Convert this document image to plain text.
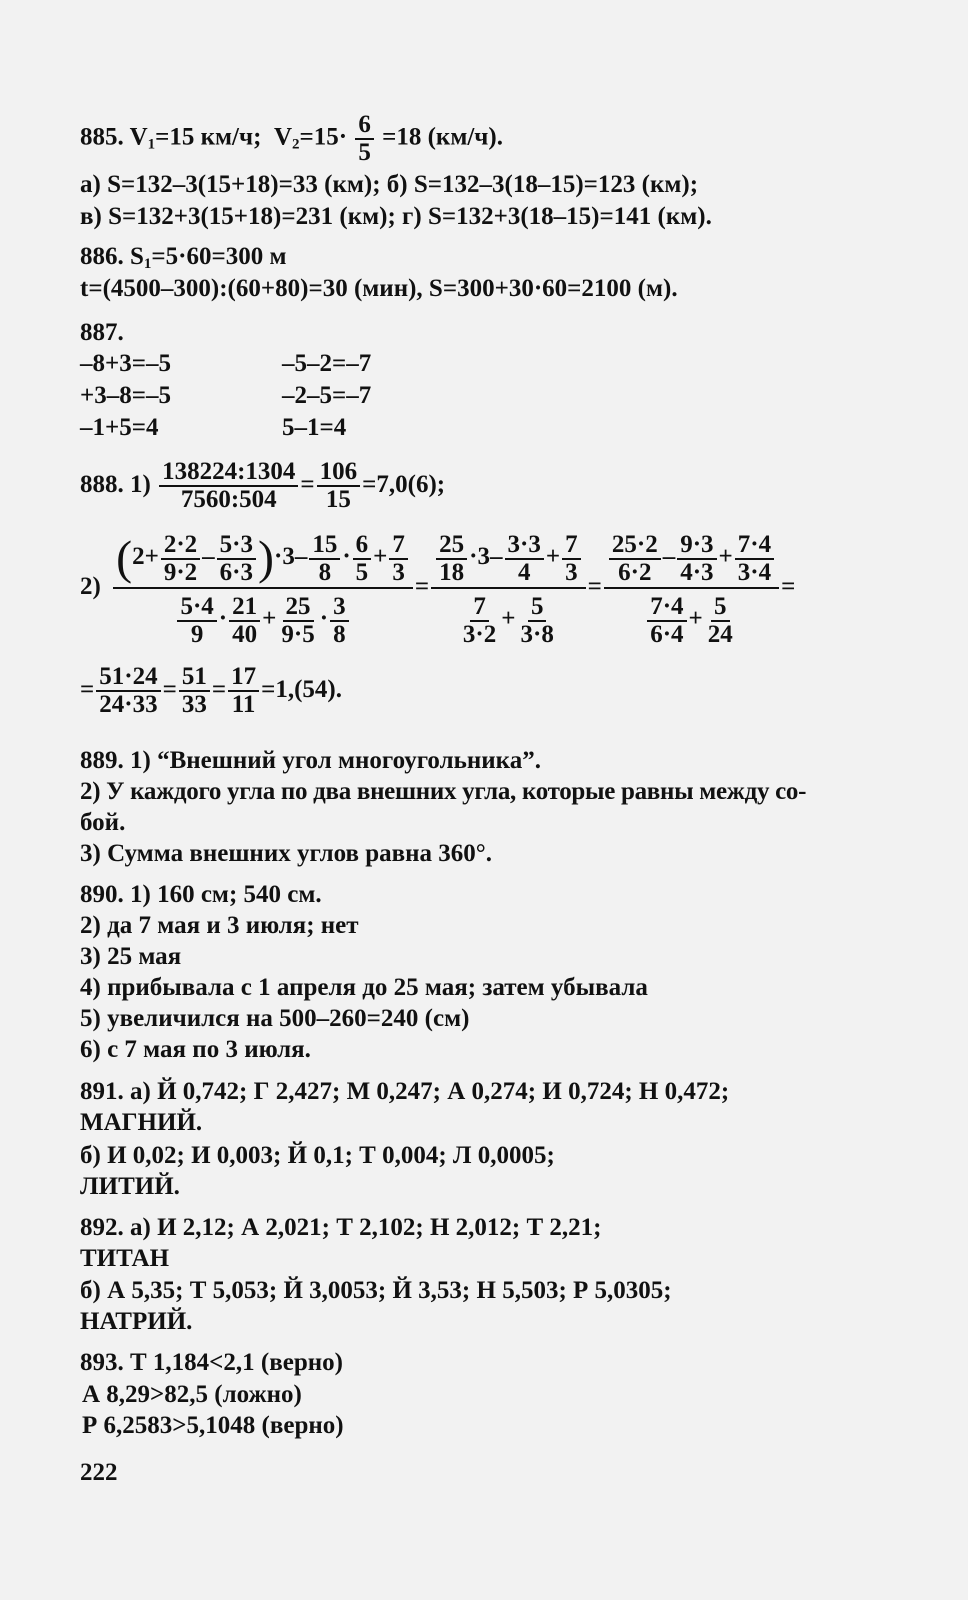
885. $V_1=15$ км/ч; $V_2=15\cdot \frac{6}{5} =18$ (км/ч).
а) S=132–3(15+18)=33 (км); б) S=132–3(18–15)=123 (км);
в) S=132+3(15+18)=231 (км); г) S=132+3(18–15)=141 (км).
886. $S_1=5\cdot 60=300$ м
t=(4500–300):(60+80)=30 (мин), S=300+30·60=2100 (м).
887.
–8+3=–5
+3–8=–5
–1+5=4
–5–2=–7
–2–5=–7
5–1=4
888. $1) \frac{138224:1304}{7560:504} = \frac{106}{15} =7,0(6)$;
$2) \frac{(2+ \frac{2\cdot 2}{9\cdot 2} - \frac{5\cdot 3}{6\cdot 3} )\cdot 3- \frac{15}{8} \cdot \frac{6}{5} + \frac{7}{3}}{\frac{5\cdot 4}{9} \cdot \frac{21}{40} + \frac{25}{9\cdot 5} \cdot \frac{3}{8}} = \frac{\frac{25}{18} \cdot 3- \frac{3\cdot 3}{4} + \frac{7}{3}}{\frac{7}{3\cdot 2} + \frac{5}{3\cdot 8}} = \frac{\frac{25\cdot 2}{6\cdot 2} - \frac{9\cdot 3}{4\cdot 3} + \frac{7\cdot 4}{3\cdot 4}}{\frac{7\cdot 4}{6\cdot 4} + \frac{5}{24}}$ =
= $\frac{51\cdot 24}{24\cdot 33} = \frac{51}{33} = \frac{17}{11} =1,(54)$.
889. 1) “Внешний угол многоугольника”.
2) У каждого угла по два внешних угла, которые равны между со-
бой.
3) Сумма внешних углов равна 360°.
890. 1) 160 см; 540 см.
2) да 7 мая и 3 июля; нет
3) 25 мая
4) прибывала с 1 апреля до 25 мая; затем убывала
5) увеличился на 500–260=240 (см)
6) с 7 мая по 3 июля.
891. а) Й 0,742; Г 2,427; М 0,247; А 0,274; И 0,724; Н 0,472;
МАГНИЙ.
б) И 0,02; И 0,003; Й 0,1; Т 0,004; Л 0,0005;
ЛИТИЙ.
892. а) И 2,12; А 2,021; Т 2,102; Н 2,012; Т 2,21;
ТИТАН
б) А 5,35; Т 5,053; Й 3,0053; Й 3,53; Н 5,503; Р 5,0305;
НАТРИЙ.
893. Т 1,184<2,1 (верно)
А 8,29>82,5 (ложно)
Р 6,2583>5,1048 (верно)
222
